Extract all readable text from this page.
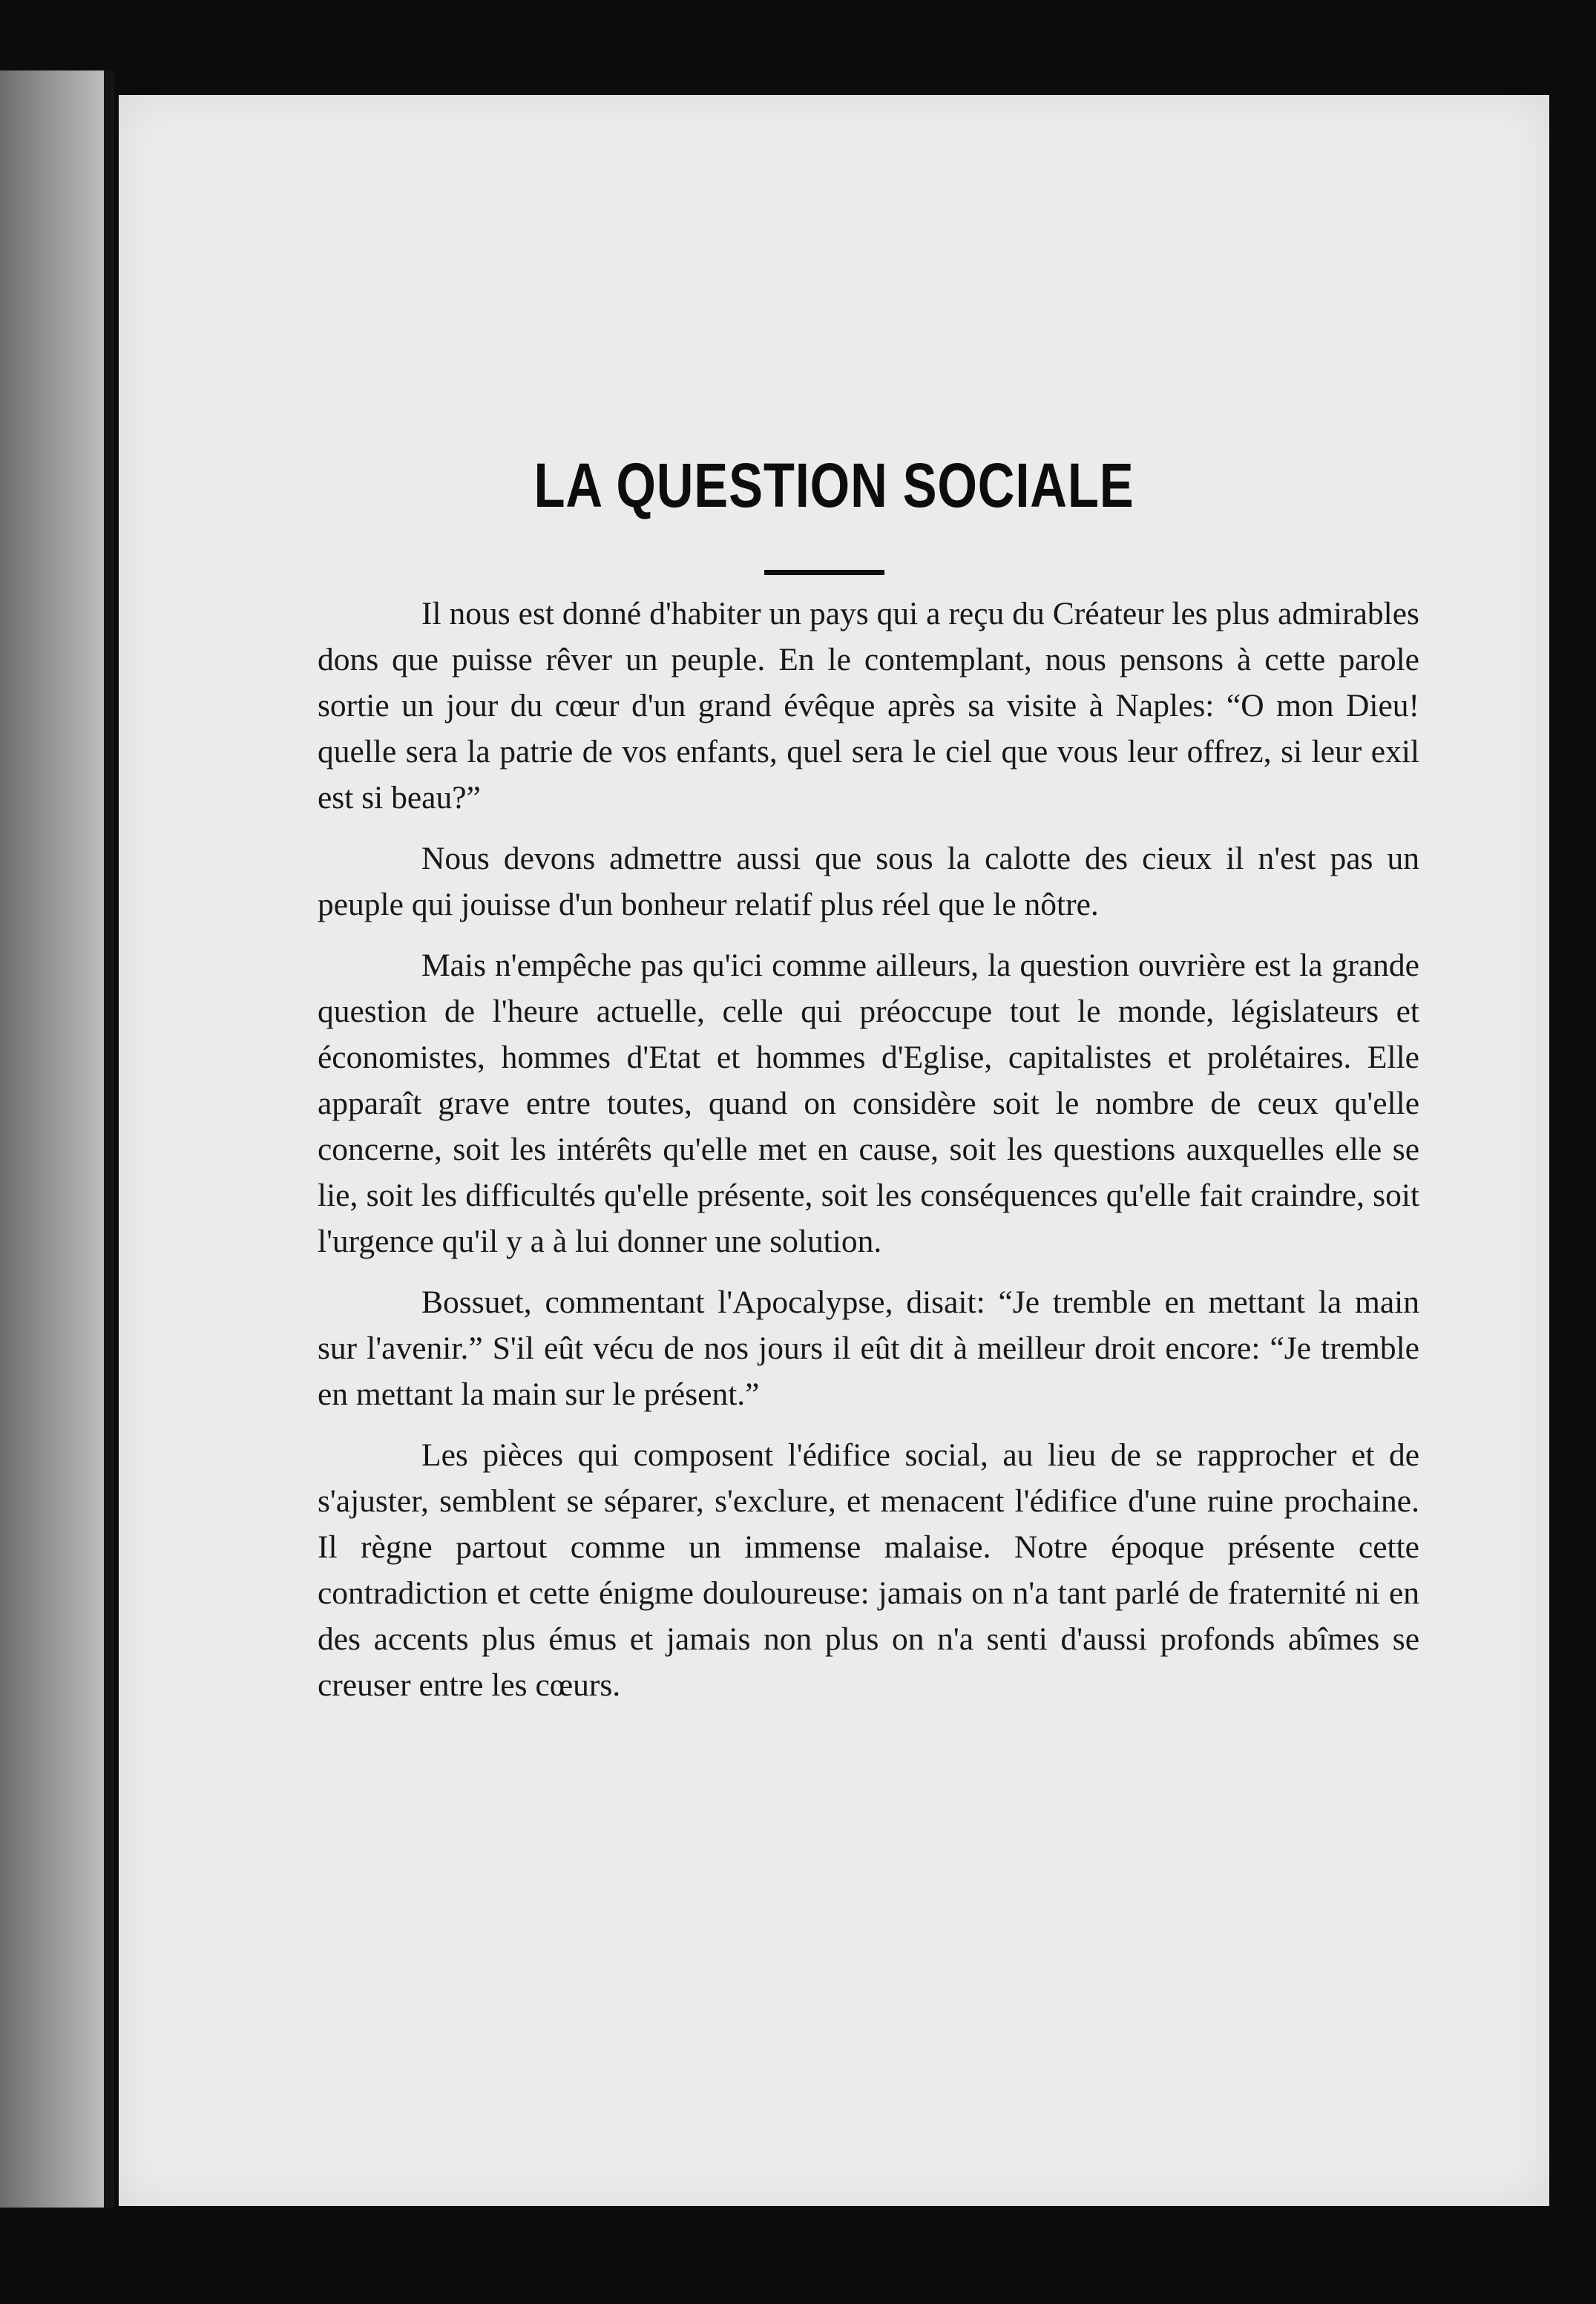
LA QUESTION SOCIALE

Il nous est donné d'habiter un pays qui a reçu du Créateur les plus admirables dons que puisse rêver un peuple. En le contemplant, nous pensons à cette parole sortie un jour du cœur d'un grand évêque après sa visite à Naples: “O mon Dieu! quelle sera la patrie de vos enfants, quel sera le ciel que vous leur offrez, si leur exil est si beau?”

Nous devons admettre aussi que sous la calotte des cieux il n'est pas un peuple qui jouisse d'un bonheur relatif plus réel que le nôtre.

Mais n'empêche pas qu'ici comme ailleurs, la question ouvrière est la grande question de l'heure actuelle, celle qui préoccupe tout le monde, législateurs et économistes, hommes d'Etat et hommes d'Eglise, capitalistes et prolétaires. Elle apparaît grave entre toutes, quand on considère soit le nombre de ceux qu'elle concerne, soit les intérêts qu'elle met en cause, soit les questions auxquelles elle se lie, soit les difficultés qu'elle présente, soit les conséquences qu'elle fait craindre, soit l'urgence qu'il y a à lui donner une solution.

Bossuet, commentant l'Apocalypse, disait: “Je tremble en mettant la main sur l'avenir.” S'il eût vécu de nos jours il eût dit à meilleur droit encore: “Je tremble en mettant la main sur le présent.”

Les pièces qui composent l'édifice social, au lieu de se rapprocher et de s'ajuster, semblent se séparer, s'exclure, et menacent l'édifice d'une ruine prochaine. Il règne partout comme un immense malaise. Notre époque présente cette contradiction et cette énigme douloureuse: jamais on n'a tant parlé de fraternité ni en des accents plus émus et jamais non plus on n'a senti d'aussi profonds abîmes se creuser entre les cœurs.
